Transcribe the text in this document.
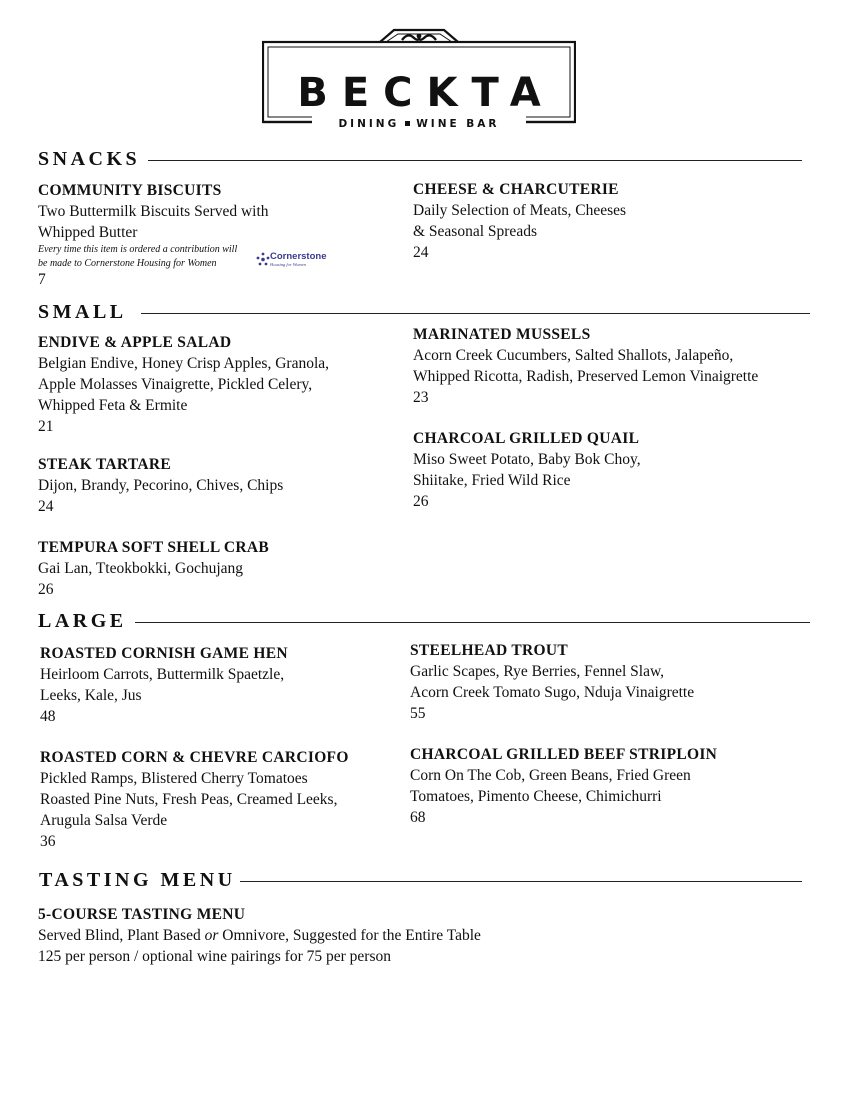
BECKTA
DINING WINE BAR
SNACKS
COMMUNITY BISCUITS
Two Buttermilk Biscuits Served with
Whipped Butter
Every time this item is ordered a contribution will
be made to Cornerstone Housing for Women
7
Cornerstone
Housing for Women
CHEESE & CHARCUTERIE
Daily Selection of Meats, Cheeses
& Seasonal Spreads
24
SMALL
ENDIVE & APPLE SALAD
Belgian Endive, Honey Crisp Apples, Granola,
Apple Molasses Vinaigrette, Pickled Celery,
Whipped Feta & Ermite
21
STEAK TARTARE
Dijon, Brandy, Pecorino, Chives, Chips
24
TEMPURA SOFT SHELL CRAB
Gai Lan, Tteokbokki, Gochujang
26
MARINATED MUSSELS
Acorn Creek Cucumbers, Salted Shallots, Jalapeño,
Whipped Ricotta, Radish, Preserved Lemon Vinaigrette
23
CHARCOAL GRILLED QUAIL
Miso Sweet Potato, Baby Bok Choy,
Shiitake, Fried Wild Rice
26
LARGE
ROASTED CORNISH GAME HEN
Heirloom Carrots, Buttermilk Spaetzle,
Leeks, Kale, Jus
48
ROASTED CORN & CHEVRE CARCIOFO
Pickled Ramps, Blistered Cherry Tomatoes
Roasted Pine Nuts, Fresh Peas, Creamed Leeks,
Arugula Salsa Verde
36
STEELHEAD TROUT
Garlic Scapes, Rye Berries, Fennel Slaw,
Acorn Creek Tomato Sugo, Nduja Vinaigrette
55
CHARCOAL GRILLED BEEF STRIPLOIN
Corn On The Cob, Green Beans, Fried Green
Tomatoes, Pimento Cheese, Chimichurri
68
TASTING MENU
5-COURSE TASTING MENU
Served Blind, Plant Based or Omnivore, Suggested for the Entire Table
125 per person / optional wine pairings for 75 per person
